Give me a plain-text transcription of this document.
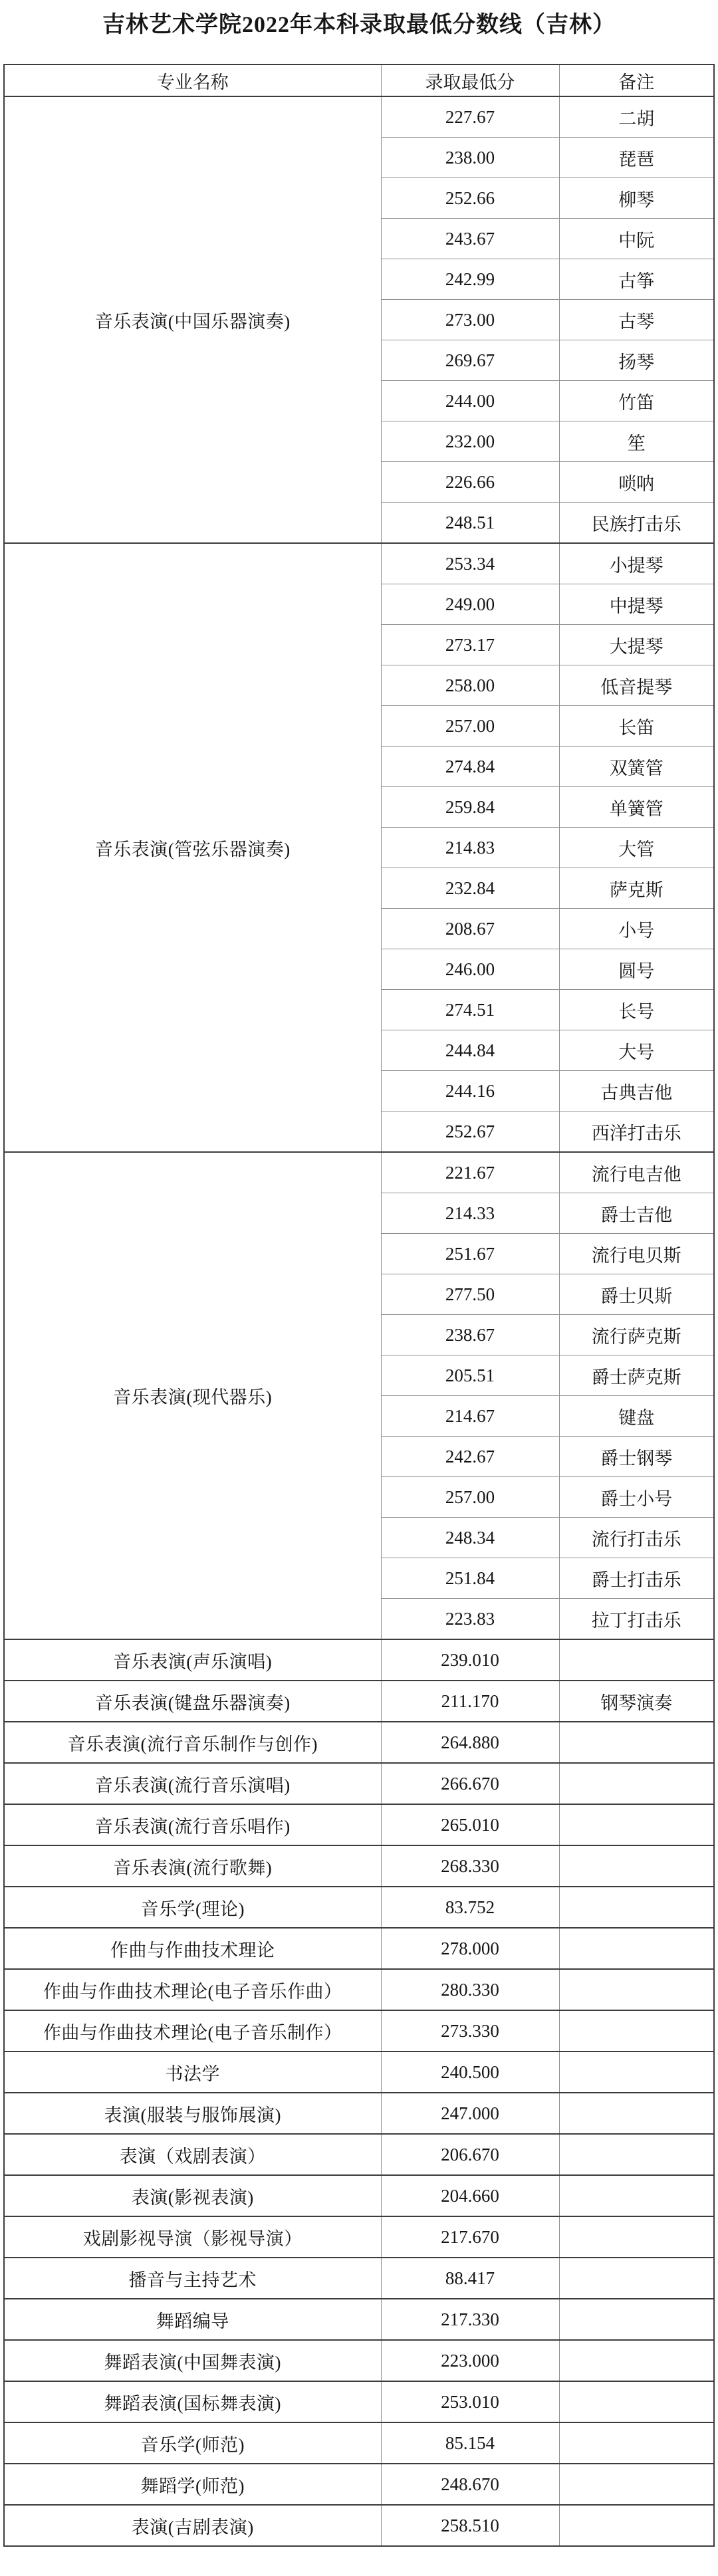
吉林艺术学院2022年本科录取最低分数线（吉林）
专业名称	录取最低分	备注
音乐表演(中国乐器演奏)	227.67	二胡
	238.00	琵琶
	252.66	柳琴
	243.67	中阮
	242.99	古筝
	273.00	古琴
	269.67	扬琴
	244.00	竹笛
	232.00	笙
	226.66	唢呐
	248.51	民族打击乐
音乐表演(管弦乐器演奏)	253.34	小提琴
	249.00	中提琴
	273.17	大提琴
	258.00	低音提琴
	257.00	长笛
	274.84	双簧管
	259.84	单簧管
	214.83	大管
	232.84	萨克斯
	208.67	小号
	246.00	圆号
	274.51	长号
	244.84	大号
	244.16	古典吉他
	252.67	西洋打击乐
音乐表演(现代器乐)	221.67	流行电吉他
	214.33	爵士吉他
	251.67	流行电贝斯
	277.50	爵士贝斯
	238.67	流行萨克斯
	205.51	爵士萨克斯
	214.67	键盘
	242.67	爵士钢琴
	257.00	爵士小号
	248.34	流行打击乐
	251.84	爵士打击乐
	223.83	拉丁打击乐
音乐表演(声乐演唱)	239.010	
音乐表演(键盘乐器演奏)	211.170	钢琴演奏
音乐表演(流行音乐制作与创作)	264.880	
音乐表演(流行音乐演唱)	266.670	
音乐表演(流行音乐唱作)	265.010	
音乐表演(流行歌舞)	268.330	
音乐学(理论)	83.752	
作曲与作曲技术理论	278.000	
作曲与作曲技术理论(电子音乐作曲）	280.330	
作曲与作曲技术理论(电子音乐制作）	273.330	
书法学	240.500	
表演(服装与服饰展演)	247.000	
表演（戏剧表演）	206.670	
表演(影视表演)	204.660	
戏剧影视导演（影视导演）	217.670	
播音与主持艺术	88.417	
舞蹈编导	217.330	
舞蹈表演(中国舞表演)	223.000	
舞蹈表演(国标舞表演)	253.010	
音乐学(师范)	85.154	
舞蹈学(师范)	248.670	
表演(吉剧表演)	258.510	
